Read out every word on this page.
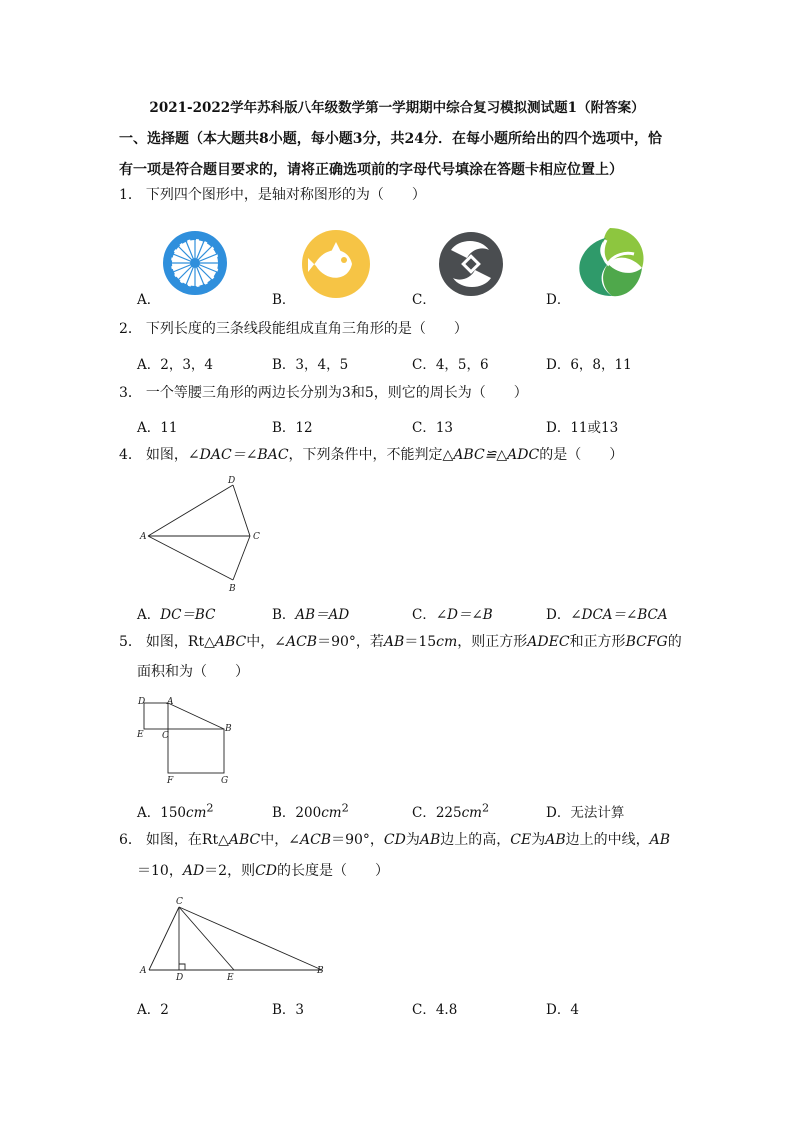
2021-2022学年苏科版八年级数学第一学期期中综合复习模拟测试题1（附答案）
一、选择题（本大题共8小题，每小题3分，共24分．在每小题所给出的四个选项中，恰
有一项是符合题目要求的，请将正确选项前的字母代号填涂在答题卡相应位置上）
1． 下列四个图形中，是轴对称图形的为（　　）
A．	B．	C．	D．
2． 下列长度的三条线段能组成直角三角形的是（　　）
A．2，3，4	B．3，4，5	C．4，5，6	D．6，8，11
3． 一个等腰三角形的两边长分别为3和5，则它的周长为（　　）
A．11	B．12	C．13	D．11或13
4． 如图，∠DAC＝∠BAC，下列条件中，不能判定△ABC≌△ADC的是（　　）
D
A	C
B
A．DC＝BC	B．AB＝AD	C．∠D＝∠B	D．∠DCA＝∠BCA
5． 如图，Rt△ABC中，∠ACB＝90°，若AB＝15cm，则正方形ADEC和正方形BCFG的
面积和为（　　）
D A
E C
B
F	G
A．$150cm^2$	B．$200cm^2$	C．$225cm^2$	D．无法计算
6． 如图，在Rt△ABC中，∠ACB＝90°，CD为AB边上的高，CE为AB边上的中线，AB
＝10，AD＝2，则CD的长度是（　　）
C
A
D	E
B
A．2	B．3	C．4.8	D．4
